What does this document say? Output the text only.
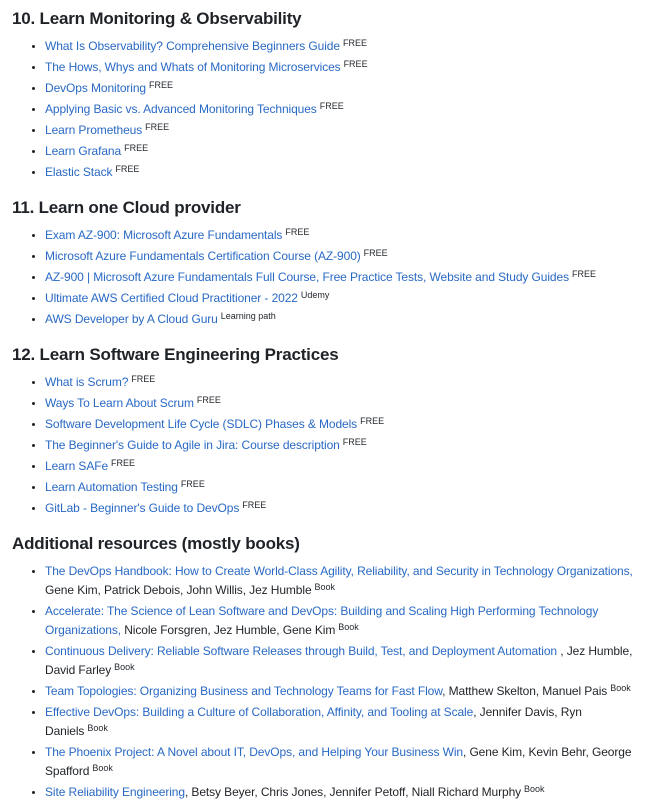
10. Learn Monitoring & Observability
• What Is Observability? Comprehensive Beginners Guide $^{FREE}$
• The Hows, Whys and Whats of Monitoring Microservices $^{FREE}$
• DevOps Monitoring $^{FREE}$
• Applying Basic vs. Advanced Monitoring Techniques $^{FREE}$
• Learn Prometheus $^{FREE}$
• Learn Grafana $^{FREE}$
• Elastic Stack $^{FREE}$
11. Learn one Cloud provider
• Exam AZ-900: Microsoft Azure Fundamentals $^{FREE}$
• Microsoft Azure Fundamentals Certification Course (AZ-900) $^{FREE}$
• AZ-900 | Microsoft Azure Fundamentals Full Course, Free Practice Tests, Website and Study Guides $^{FREE}$
• Ultimate AWS Certified Cloud Practitioner - 2022 $^{Udemy}$
• AWS Developer by A Cloud Guru $^{Learning path}$
12. Learn Software Engineering Practices
• What is Scrum? $^{FREE}$
• Ways To Learn About Scrum $^{FREE}$
• Software Development Life Cycle (SDLC) Phases & Models $^{FREE}$
• The Beginner's Guide to Agile in Jira: Course description $^{FREE}$
• Learn SAFe $^{FREE}$
• Learn Automation Testing $^{FREE}$
• GitLab - Beginner's Guide to DevOps $^{FREE}$
Additional resources (mostly books)
• The DevOps Handbook: How to Create World-Class Agility, Reliability, and Security in Technology Organizations, Gene Kim, Patrick Debois, John Willis, Jez Humble $^{Book}$
• Accelerate: The Science of Lean Software and DevOps: Building and Scaling High Performing Technology Organizations, Nicole Forsgren, Jez Humble, Gene Kim $^{Book}$
• Continuous Delivery: Reliable Software Releases through Build, Test, and Deployment Automation , Jez Humble, David Farley $^{Book}$
• Team Topologies: Organizing Business and Technology Teams for Fast Flow, Matthew Skelton, Manuel Pais $^{Book}$
• Effective DevOps: Building a Culture of Collaboration, Affinity, and Tooling at Scale, Jennifer Davis, Ryn Daniels $^{Book}$
• The Phoenix Project: A Novel about IT, DevOps, and Helping Your Business Win, Gene Kim, Kevin Behr, George Spafford $^{Book}$
• Site Reliability Engineering, Betsy Beyer, Chris Jones, Jennifer Petoff, Niall Richard Murphy $^{Book}$
